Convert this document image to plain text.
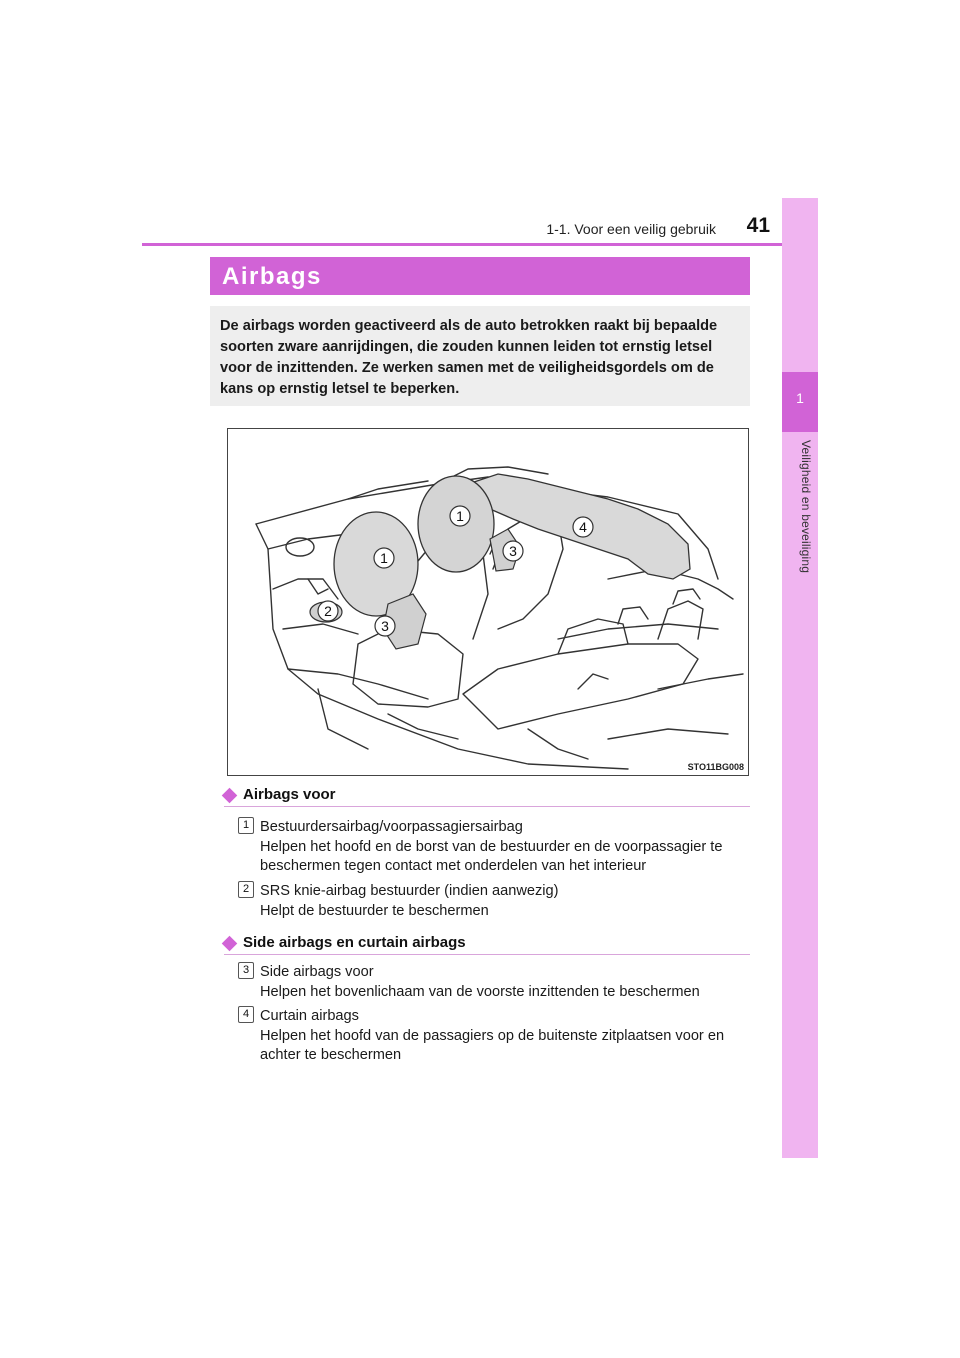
1-1. Voor een veilig gebruik	41
1
Veiligheid en beveiliging
Airbags
De airbags worden geactiveerd als de auto betrokken raakt bij bepaalde soorten zware aanrijdingen, die zouden kunnen leiden tot ernstig letsel voor de inzittenden. Ze werken samen met de veiligheidsgordels om de kans op ernstig letsel te beperken.
1
1
2
3
3
4
STO11BG008
Airbags voor
1 Bestuurdersairbag/voorpassagiersairbag
Helpen het hoofd en de borst van de bestuurder en de voorpassagier te beschermen tegen contact met onderdelen van het interieur
2 SRS knie-airbag bestuurder (indien aanwezig)
Helpt de bestuurder te beschermen
Side airbags en curtain airbags
3 Side airbags voor
Helpen het bovenlichaam van de voorste inzittenden te beschermen
4 Curtain airbags
Helpen het hoofd van de passagiers op de buitenste zitplaatsen voor en achter te beschermen
